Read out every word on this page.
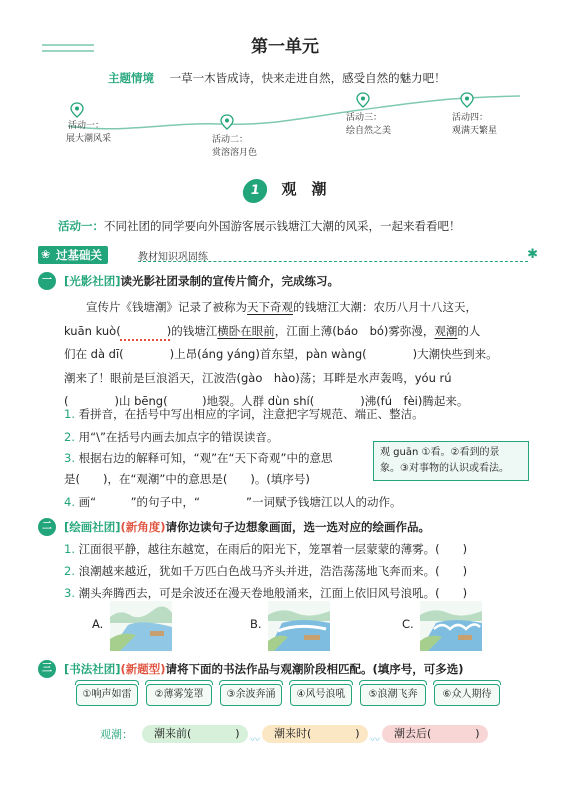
第一单元
主题情境 一草一木皆成诗，快来走进自然，感受自然的魅力吧！
活动一：
展大潮风采	活动二：
赏溶溶月色
活动三：
绘自然之美
活动四：
观满天繁星
1 观　潮
活动一：不同社团的同学要向外国游客展示钱塘江大潮的风采，一起来看看吧！
❀ 过基础关	教材知识巩固练	✱
一	[光影社团]读光影社团录制的宣传片简介，完成练习。

宣传片《钱塘潮》记录了被称为天下奇观的钱塘江大潮：农历八月十八这天，

kuān kuò(　　　　	)的钱塘江横卧在眼前，江面上薄(báo　bó)雾弥漫，观潮的人

们在 dà dī(　　　　)上昂(áng yáng)首东望，pàn wàng(　　　　)大潮快些到来。

潮来了！眼前是巨浪滔天，江波浩(gào　hào)荡；耳畔是水声轰鸣，yóu rú

(　　　　)山 bēng(　　　)地裂。人群 dùn shí(　　　　)沸(fú　fèi)腾起来。

1. 看拼音，在括号中写出相应的字词，注意把字写规范、端正、整洁。
2. 用“\”在括号内画去加点字的错误读音。
3. 根据右边的解释可知，“观”在“天下奇观”中的意思
是(　　)，在“观潮”中的意思是(　　)。(填序号)
4. 画“　　　”的句子中，“　　　　”一词赋予钱塘江以人的动作。
观 guān ①看。②看到的景
象。③对事物的认识或看法。
二	[绘画社团](新角度)请你边读句子边想象画面，选一选对应的绘画作品。
1. 江面很平静，越往东越宽，在雨后的阳光下，笼罩着一层蒙蒙的薄雾。(　　)
2. 浪潮越来越近，犹如千万匹白色战马齐头并进，浩浩荡荡地飞奔而来。(　　)
3. 潮头奔腾西去，可是余波还在漫天卷地般涌来，江面上依旧风号浪吼。(　　)
A.	B.	C.
三	[书法社团](新题型)请将下面的书法作品与观潮阶段相匹配。(填序号，可多选)
①响声如雷	②薄雾笼罩	③余波奔涌	④风号浪吼	⑤浪潮飞奔	⑥众人期待
观潮：	潮来前(　　　　)
〰
潮来时(　　　　)
〰
潮去后(　　　　)
